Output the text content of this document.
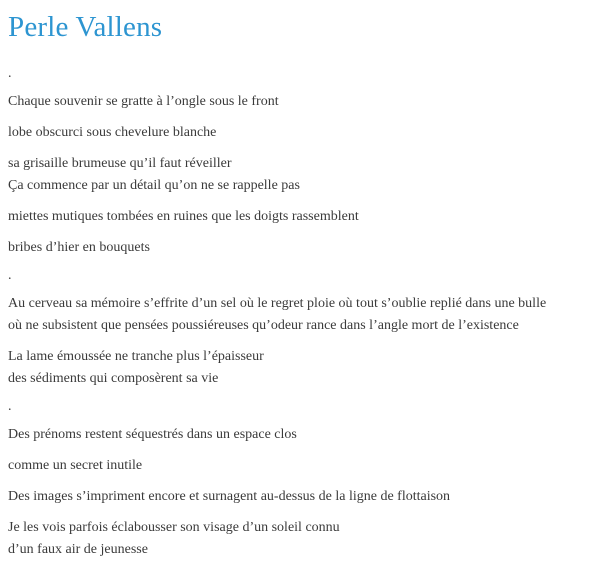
Perle Vallens
.

Chaque souvenir se gratte à l’ongle sous le front

lobe obscurci sous chevelure blanche

sa grisaille brumeuse qu’il faut réveiller
Ça commence par un détail qu’on ne se rappelle pas

miettes mutiques tombées en ruines que les doigts rassemblent

bribes d’hier en bouquets

.

Au cerveau sa mémoire s’effrite d’un sel où le regret ploie où tout s’oublie replié dans une bulle
où ne subsistent que pensées poussiéreuses qu’odeur rance dans l’angle mort de l’existence

La lame émoussée ne tranche plus l’épaisseur
des sédiments qui composèrent sa vie

.

Des prénoms restent séquestrés dans un espace clos

comme un secret inutile

Des images s’impriment encore et surnagent au-dessus de la ligne de flottaison

Je les vois parfois éclabousser son visage d’un soleil connu
d’un faux air de jeunesse
